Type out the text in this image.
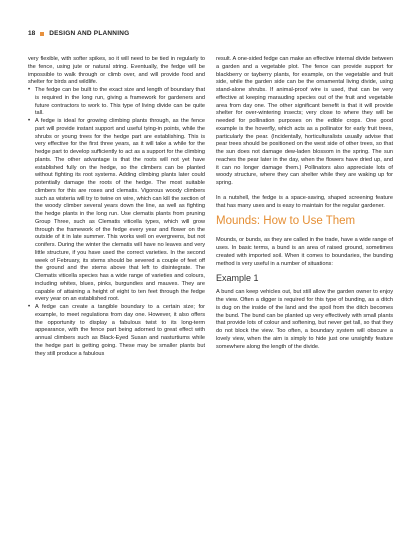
18 DESIGN AND PLANNING

very flexible, with softer spikes, so it will need to be tied in regularly to the fence, using jute or natural string. Eventually, the fedge will be impossible to walk through or climb over, and will provide food and shelter for birds and wildlife.

• The fedge can be built to the exact size and length of boundary that is required in the long run, giving a framework for gardeners and future contractors to work to. This type of living divide can be quite tall.
• A fedge is ideal for growing climbing plants through, as the fence part will provide instant support and useful tying-in points, while the shrubs or young trees for the hedge part are establishing. This is very effective for the first three years, as it will take a while for the hedge part to develop sufficiently to act as a support for the climbing plants. The other advantage is that the roots will not yet have established fully on the hedge, so the climbers can be planted without fighting its root systems. Adding climbing plants later could potentially damage the roots of the hedge. The most suitable climbers for this are roses and clematis. Vigorous woody climbers such as wisteria will try to twine on wire, which can kill the section of the woody climber several years down the line, as well as fighting the hedge plants in the long run. Use clematis plants from pruning Group Three, such as Clematis viticella types, which will grow through the framework of the fedge every year and flower on the outside of it in late summer. This works well on evergreens, but not conifers. During the winter the clematis will have no leaves and very little structure, if you have used the correct varieties. In the second week of February, its stems should be severed a couple of feet off the ground and the stems above that left to disintegrate. The Clematis viticella species has a wide range of varieties and colours, including whites, blues, pinks, burgundies and mauves. They are capable of attaining a height of eight to ten feet through the fedge every year on an established root.
• A fedge can create a tangible boundary to a certain size; for example, to meet regulations from day one. However, it also offers the opportunity to display a fabulous twist to its long-term appearance, with the fence part being adorned to great effect with annual climbers such as Black-Eyed Susan and nasturtiums while the hedge part is getting going. These may be smaller plants but they still produce a fabulous

result. A one-sided fedge can make an effective internal divide between a garden and a vegetable plot. The fence can provide support for blackberry or tayberry plants, for example, on the vegetable and fruit side, while the garden side can be the ornamental living divide, using stand-alone shrubs. If animal-proof wire is used, that can be very effective at keeping marauding species out of the fruit and vegetable area from day one. The other significant benefit is that it will provide shelter for over-wintering insects; very close to where they will be needed for pollination purposes on the edible crops. One good example is the hoverfly, which acts as a pollinator for early fruit trees, particularly the pear. (Incidentally, horticulturalists usually advise that pear trees should be positioned on the west side of other trees, so that the sun does not damage dew-laden blossom in the spring. The sun reaches the pear later in the day, when the flowers have dried up, and it can no longer damage them.) Pollinators also appreciate lots of woody structure, where they can shelter while they are waking up for spring.

In a nutshell, the fedge is a space-saving, shaped screening feature that has many uses and is easy to maintain for the regular gardener.

Mounds: How to Use Them

Mounds, or bunds, as they are called in the trade, have a wide range of uses. In basic terms, a bund is an area of raised ground, sometimes created with imported soil. When it comes to boundaries, the bunding method is very useful in a number of situations:

Example 1

A bund can keep vehicles out, but still allow the garden owner to enjoy the view. Often a digger is required for this type of bunding, as a ditch is dug on the inside of the land and the spoil from the ditch becomes the bund. The bund can be planted up very effectively with small plants that provide lots of colour and softening, but never get tall, so that they do not block the view. Too often, a boundary system will obscure a lovely view, when the aim is simply to hide just one unsightly feature somewhere along the length of the divide.
